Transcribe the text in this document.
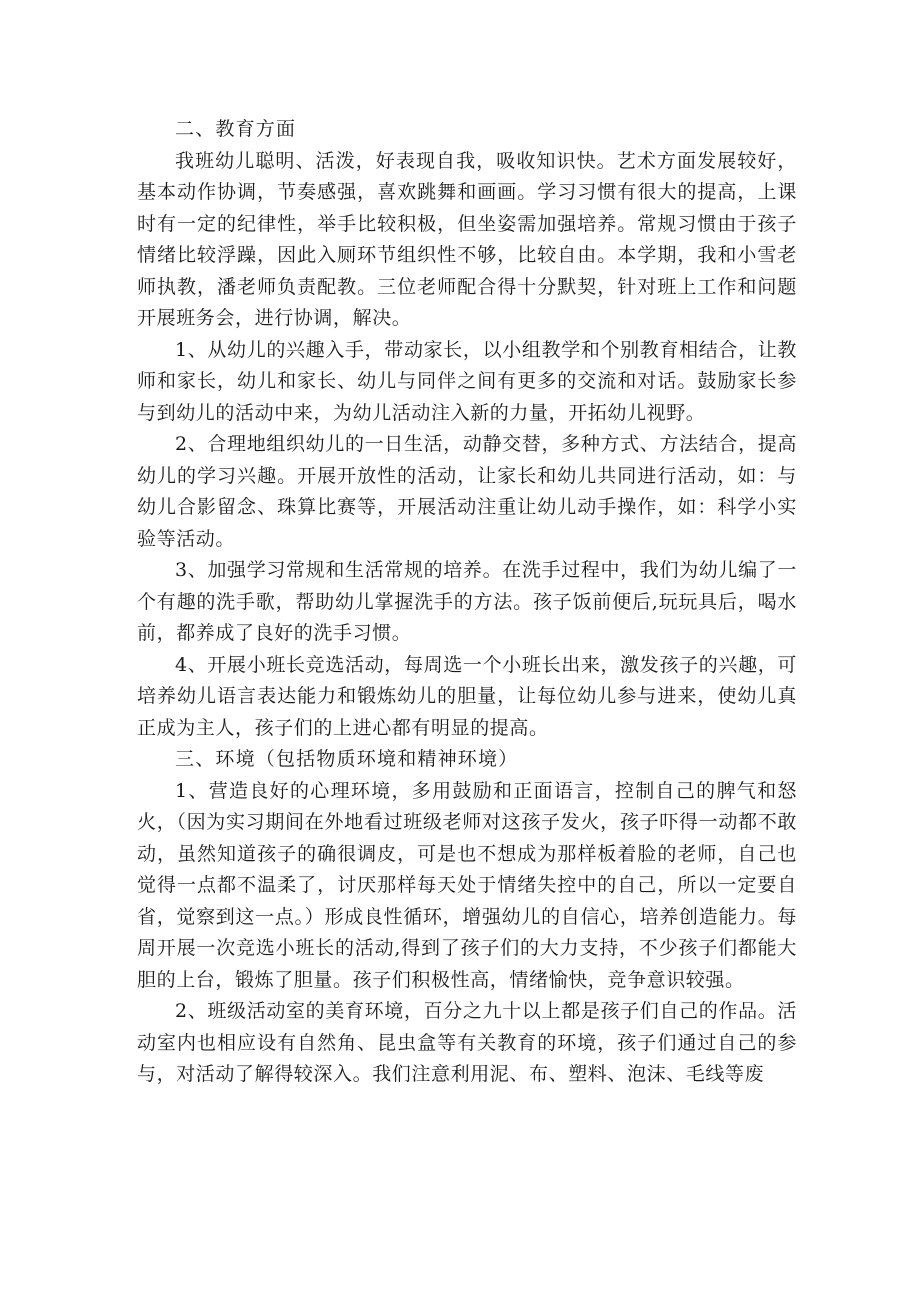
二、教育方面

我班幼儿聪明、活泼，好表现自我，吸收知识快。艺术方面发展较好，基本动作协调，节奏感强，喜欢跳舞和画画。学习习惯有很大的提高，上课时有一定的纪律性，举手比较积极，但坐姿需加强培养。常规习惯由于孩子情绪比较浮躁，因此入厕环节组织性不够，比较自由。本学期，我和小雪老师执教，潘老师负责配教。三位老师配合得十分默契，针对班上工作和问题开展班务会，进行协调，解决。

1、从幼儿的兴趣入手，带动家长，以小组教学和个别教育相结合，让教师和家长，幼儿和家长、幼儿与同伴之间有更多的交流和对话。鼓励家长参与到幼儿的活动中来，为幼儿活动注入新的力量，开拓幼儿视野。

2、合理地组织幼儿的一日生活，动静交替，多种方式、方法结合，提高幼儿的学习兴趣。开展开放性的活动，让家长和幼儿共同进行活动，如：与幼儿合影留念、珠算比赛等，开展活动注重让幼儿动手操作，如：科学小实验等活动。

3、加强学习常规和生活常规的培养。在洗手过程中，我们为幼儿编了一个有趣的洗手歌，帮助幼儿掌握洗手的方法。孩子饭前便后,玩玩具后，喝水前，都养成了良好的洗手习惯。

4、开展小班长竞选活动，每周选一个小班长出来，激发孩子的兴趣，可培养幼儿语言表达能力和锻炼幼儿的胆量，让每位幼儿参与进来，使幼儿真正成为主人，孩子们的上进心都有明显的提高。

三、环境（包括物质环境和精神环境）

1、营造良好的心理环境，多用鼓励和正面语言，控制自己的脾气和怒火，（因为实习期间在外地看过班级老师对这孩子发火，孩子吓得一动都不敢动，虽然知道孩子的确很调皮，可是也不想成为那样板着脸的老师，自己也觉得一点都不温柔了，讨厌那样每天处于情绪失控中的自己，所以一定要自省，觉察到这一点。）形成良性循环，增强幼儿的自信心，培养创造能力。每周开展一次竞选小班长的活动,得到了孩子们的大力支持，不少孩子们都能大胆的上台，锻炼了胆量。孩子们积极性高，情绪愉快，竞争意识较强。

2、班级活动室的美育环境，百分之九十以上都是孩子们自己的作品。活动室内也相应设有自然角、昆虫盒等有关教育的环境，孩子们通过自己的参与，对活动了解得较深入。我们注意利用泥、布、塑料、泡沫、毛线等废
